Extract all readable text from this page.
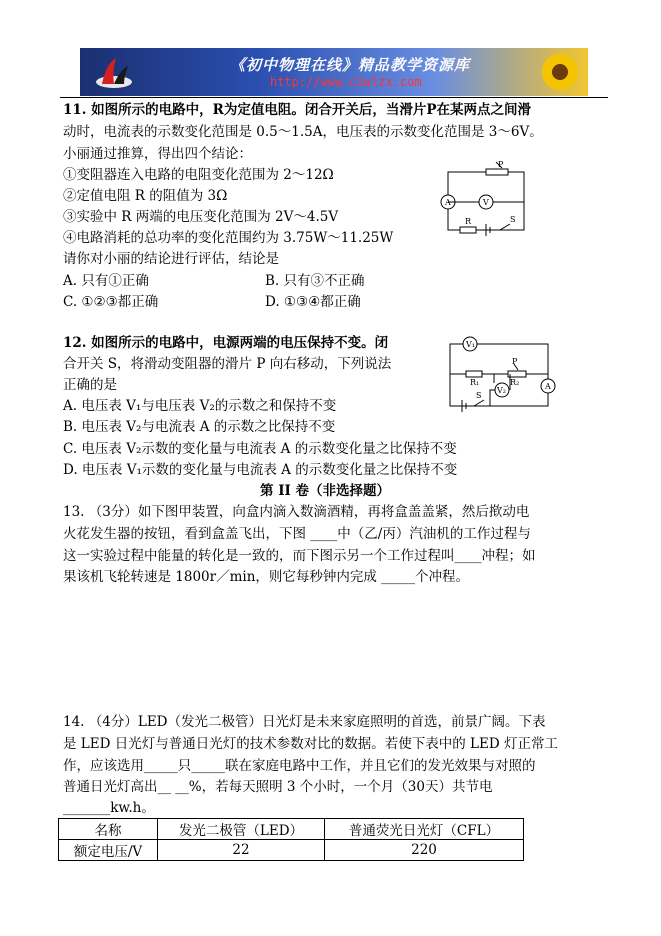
《初中物理在线》精品教学资源库
http://www.czwlzx.com
11. 如图所示的电路中，R为定值电阻。闭合开关后，当滑片P在某两点之间滑
动时，电流表的示数变化范围是 0.5～1.5A，电压表的示数变化范围是 3～6V。
小丽通过推算，得出四个结论：
①变阻器连入电路的电阻变化范围为 2～12Ω
②定值电阻 R 的阻值为 3Ω
③实验中 R 两端的电压变化范围为 2V～4.5V
④电路消耗的总功率的变化范围约为 3.75W～11.25W
请你对小丽的结论进行评估，结论是
A. 只有①正确	B. 只有③不正确
C. ①②③都正确	D. ①③④都正确
P
A	V
R	S
12. 如图所示的电路中，电源两端的电压保持不变。闭
合开关 S，将滑动变阻器的滑片 P 向右移动，下列说法
正确的是
A. 电压表 V₁与电压表 V₂的示数之和保持不变
B. 电压表 V₂与电流表 A 的示数之比保持不变
C. 电压表 V₂示数的变化量与电流表 A 的示数变化量之比保持不变
D. 电压表 V₁示数的变化量与电流表 A 的示数变化量之比保持不变
V₁
P
R₁	R₂
V₂	A
S
第 II 卷（非选择题）
13. （3分）如下图甲装置，向盒内滴入数滴酒精，再将盒盖盖紧，然后揿动电
火花发生器的按钮，看到盒盖飞出，下图 ____中（乙/丙）汽油机的工作过程与
这一实验过程中能量的转化是一致的，而下图示另一个工作过程叫____冲程；如
果该机飞轮转速是 1800r／min，则它每秒钟内完成 _____个冲程。
14. （4分）LED（发光二极管）日光灯是未来家庭照明的首选，前景广阔。下表
是 LED 日光灯与普通日光灯的技术参数对比的数据。若使下表中的 LED 灯正常工
作，应该选用_____只_____联在家庭电路中工作，并且它们的发光效果与对照的
普通日光灯高出__ __%，若每天照明 3 个小时，一个月（30天）共节电
_______kw.h。
名称	发光二极管（LED）	普通荧光日光灯（CFL）
额定电压/V	22	220
